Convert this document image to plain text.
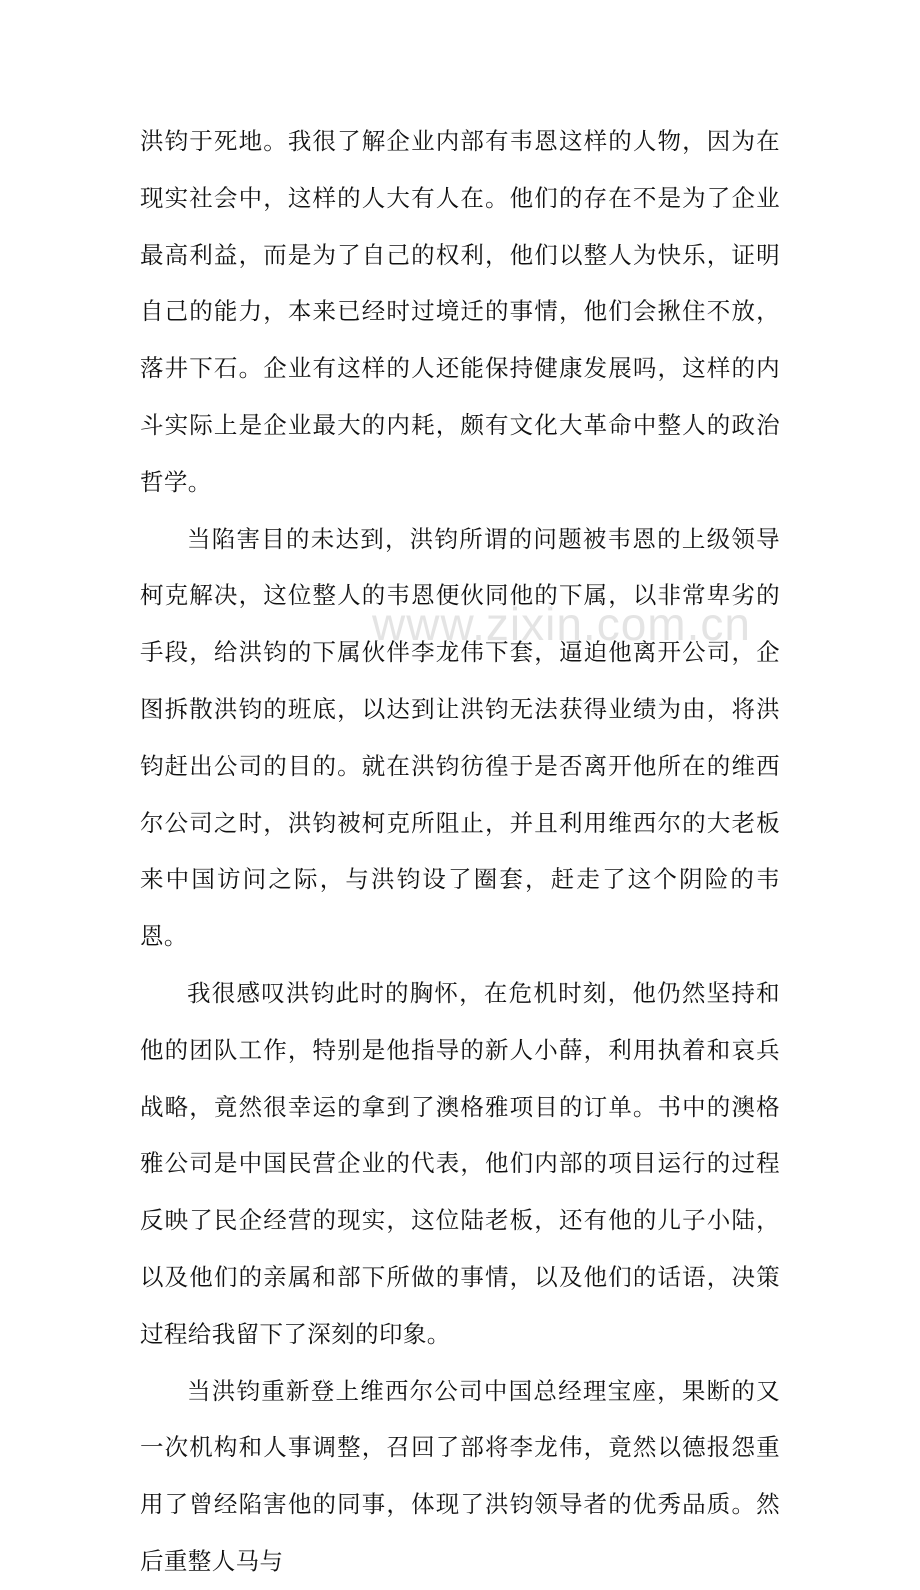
洪钧于死地。我很了解企业内部有韦恩这样的人物，因为在现实社会中，这样的人大有人在。他们的存在不是为了企业最高利益，而是为了自己的权利，他们以整人为快乐，证明自己的能力，本来已经时过境迁的事情，他们会揪住不放，落井下石。企业有这样的人还能保持健康发展吗，这样的内斗实际上是企业最大的内耗，颇有文化大革命中整人的政治哲学。

当陷害目的未达到，洪钧所谓的问题被韦恩的上级领导柯克解决，这位整人的韦恩便伙同他的下属，以非常卑劣的手段，给洪钧的下属伙伴李龙伟下套，逼迫他离开公司，企图拆散洪钧的班底，以达到让洪钧无法获得业绩为由，将洪钧赶出公司的目的。就在洪钧彷徨于是否离开他所在的维西尔公司之时，洪钧被柯克所阻止，并且利用维西尔的大老板来中国访问之际，与洪钧设了圈套，赶走了这个阴险的韦恩。

我很感叹洪钧此时的胸怀，在危机时刻，他仍然坚持和他的团队工作，特别是他指导的新人小薛，利用执着和哀兵战略，竟然很幸运的拿到了澳格雅项目的订单。书中的澳格雅公司是中国民营企业的代表，他们内部的项目运行的过程反映了民企经营的现实，这位陆老板，还有他的儿子小陆，以及他们的亲属和部下所做的事情，以及他们的话语，决策过程给我留下了深刻的印象。

当洪钧重新登上维西尔公司中国总经理宝座，果断的又一次机构和人事调整，召回了部将李龙伟，竟然以德报怨重用了曾经陷害他的同事，体现了洪钧领导者的优秀品质。然后重整人马与

www.zixin.com.cn
